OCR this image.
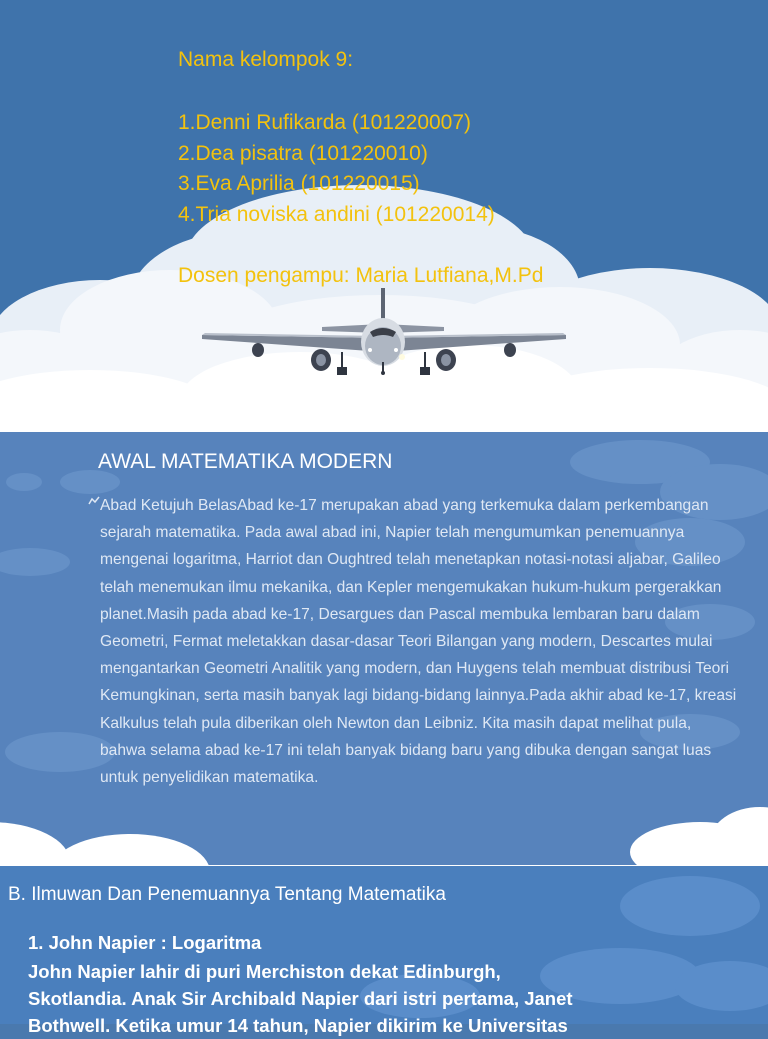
Nama kelompok 9:
1.Denni Rufikarda (101220007)
2.Dea pisatra (101220010)
3.Eva Aprilia (101220015)
4.Tria noviska andini (101220014)
Dosen pengampu: Maria Lutfiana,M.Pd
AWAL MATEMATIKA MODERN
Abad Ketujuh BelasAbad ke-17 merupakan abad yang terkemuka dalam perkembangan sejarah matematika. Pada awal abad ini, Napier telah mengumumkan penemuannya mengenai logaritma, Harriot dan Oughtred telah menetapkan notasi-notasi aljabar, Galileo telah menemukan ilmu mekanika, dan Kepler mengemukakan hukum-hukum pergerakkan planet.Masih pada abad ke-17, Desargues dan Pascal membuka lembaran baru dalam Geometri, Fermat meletakkan dasar-dasar Teori Bilangan yang modern, Descartes mulai mengantarkan Geometri Analitik yang modern, dan Huygens telah membuat distribusi Teori Kemungkinan, serta masih banyak lagi bidang-bidang lainnya.Pada akhir abad ke-17, kreasi Kalkulus telah pula diberikan oleh Newton dan Leibniz. Kita masih dapat melihat pula, bahwa selama abad ke-17 ini telah banyak bidang baru yang dibuka dengan sangat luas untuk penyelidikan matematika.
B. Ilmuwan Dan Penemuannya Tentang Matematika
1. John Napier : Logaritma
John Napier lahir di puri Merchiston dekat Edinburgh,
Skotlandia. Anak Sir Archibald Napier dari istri pertama, Janet
Bothwell. Ketika umur 14 tahun, Napier dikirim ke Universitas
